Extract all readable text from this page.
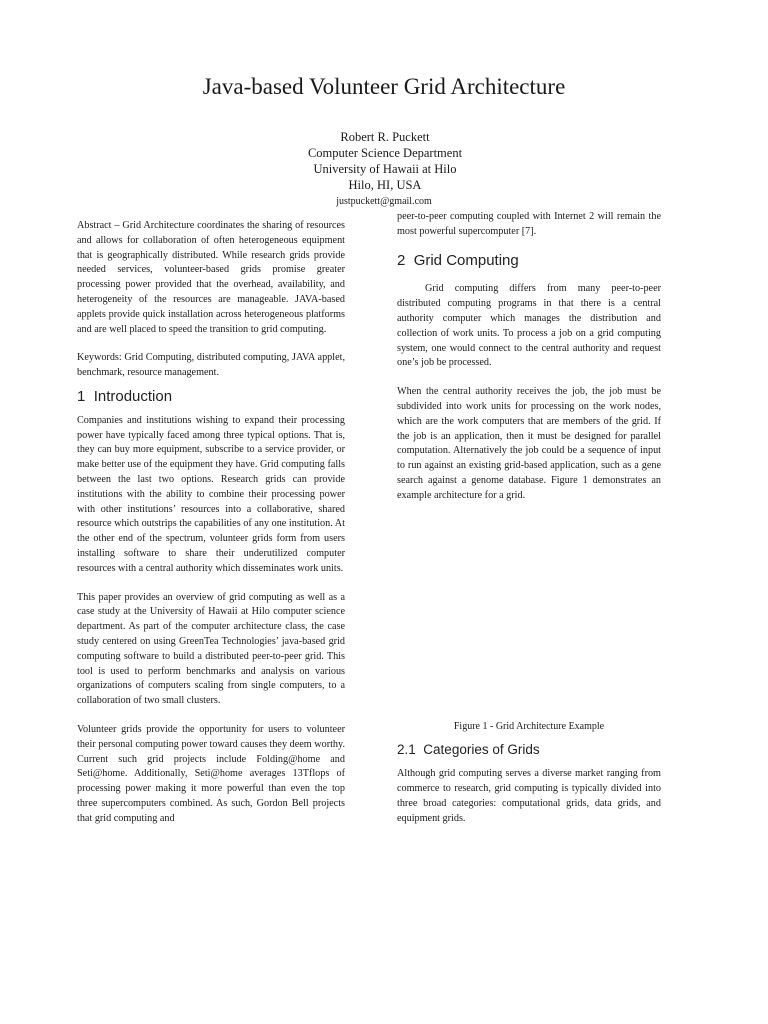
Java-based Volunteer Grid Architecture
Robert R. Puckett
Computer Science Department
University of Hawaii at Hilo
Hilo, HI, USA
justpuckett@gmail.com

Abstract – Grid Architecture coordinates the sharing of resources and allows for collaboration of often heterogeneous equipment that is geographically distributed. While research grids provide needed services, volunteer-based grids promise greater processing power provided that the overhead, availability, and heterogeneity of the resources are manageable. JAVA-based applets provide quick installation across heterogeneous platforms and are well placed to speed the transition to grid computing.

Keywords: Grid Computing, distributed computing, JAVA applet, benchmark, resource management.

1 Introduction

Companies and institutions wishing to expand their processing power have typically faced among three typical options. That is, they can buy more equipment, subscribe to a service provider, or make better use of the equipment they have. Grid computing falls between the last two options. Research grids can provide institutions with the ability to combine their processing power with other institutions’ resources into a collaborative, shared resource which outstrips the capabilities of any one institution. At the other end of the spectrum, volunteer grids form from users installing software to share their underutilized computer resources with a central authority which disseminates work units.

This paper provides an overview of grid computing as well as a case study at the University of Hawaii at Hilo computer science department. As part of the computer architecture class, the case study centered on using GreenTea Technologies’ java-based grid computing software to build a distributed peer-to-peer grid. This tool is used to perform benchmarks and analysis on various organizations of computers scaling from single computers, to a collaboration of two small clusters.

Volunteer grids provide the opportunity for users to volunteer their personal computing power toward causes they deem worthy. Current such grid projects include Folding@home and Seti@home. Additionally, Seti@home averages 13Tflops of processing power making it more powerful than even the top three supercomputers combined. As such, Gordon Bell projects that grid computing and

peer-to-peer computing coupled with Internet 2 will remain the most powerful supercomputer [7].

2 Grid Computing

Grid computing differs from many peer-to-peer distributed computing programs in that there is a central authority computer which manages the distribution and collection of work units. To process a job on a grid computing system, one would connect to the central authority and request one’s job be processed.

When the central authority receives the job, the job must be subdivided into work units for processing on the work nodes, which are the work computers that are members of the grid. If the job is an application, then it must be designed for parallel computation. Alternatively the job could be a sequence of input to run against an existing grid-based application, such as a gene search against a genome database. Figure 1 demonstrates an example architecture for a grid.

Figure 1 - Grid Architecture Example

2.1 Categories of Grids

Although grid computing serves a diverse market ranging from commerce to research, grid computing is typically divided into three broad categories: computational grids, data grids, and equipment grids.
